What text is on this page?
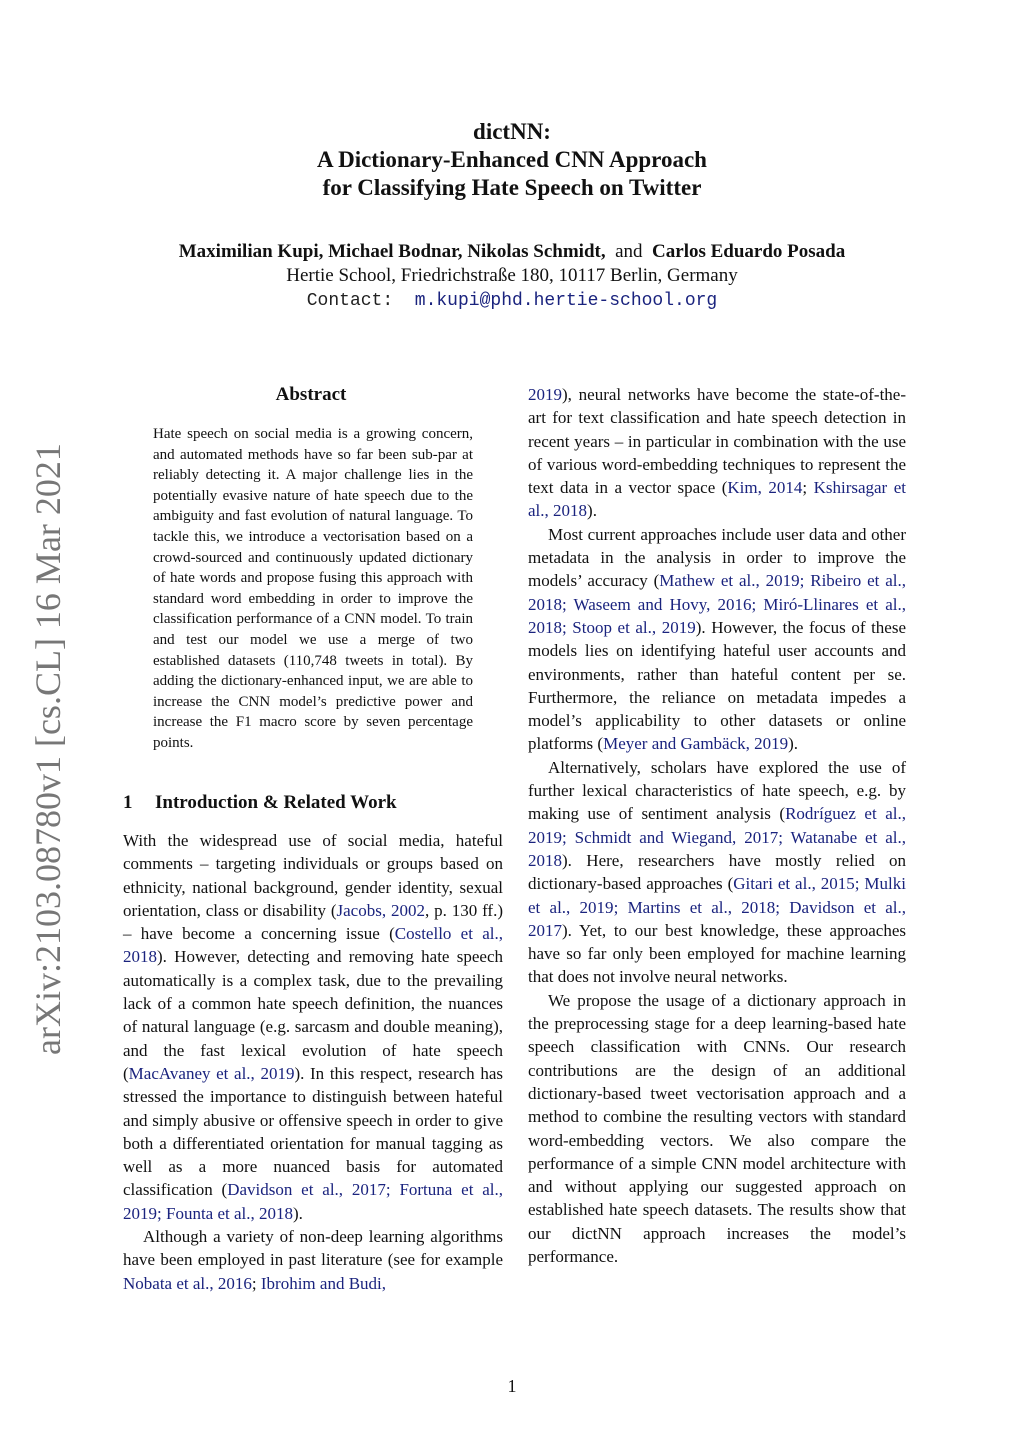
dictNN:
A Dictionary-Enhanced CNN Approach
for Classifying Hate Speech on Twitter
Maximilian Kupi, Michael Bodnar, Nikolas Schmidt, and Carlos Eduardo Posada
Hertie School, Friedrichstraße 180, 10117 Berlin, Germany
Contact: m.kupi@phd.hertie-school.org
arXiv:2103.08780v1 [cs.CL] 16 Mar 2021
Abstract
Hate speech on social media is a growing concern, and automated methods have so far been sub-par at reliably detecting it. A major challenge lies in the potentially evasive nature of hate speech due to the ambiguity and fast evolution of natural language. To tackle this, we introduce a vectorisation based on a crowd-sourced and continuously updated dictionary of hate words and propose fusing this approach with standard word embedding in order to improve the classification performance of a CNN model. To train and test our model we use a merge of two established datasets (110,748 tweets in total). By adding the dictionary-enhanced input, we are able to increase the CNN model’s predictive power and increase the F1 macro score by seven percentage points.
1 Introduction & Related Work

With the widespread use of social media, hateful comments – targeting individuals or groups based on ethnicity, national background, gender identity, sexual orientation, class or disability (Jacobs, 2002, p. 130 ff.) – have become a concerning issue (Costello et al., 2018). However, detecting and removing hate speech automatically is a complex task, due to the prevailing lack of a common hate speech definition, the nuances of natural language (e.g. sarcasm and double meaning), and the fast lexical evolution of hate speech (MacAvaney et al., 2019). In this respect, research has stressed the importance to distinguish between hateful and simply abusive or offensive speech in order to give both a differentiated orientation for manual tagging as well as a more nuanced basis for automated classification (Davidson et al., 2017; Fortuna et al., 2019; Founta et al., 2018).

Although a variety of non-deep learning algorithms have been employed in past literature (see for example Nobata et al., 2016; Ibrohim and Budi,

2019), neural networks have become the state-of-the-art for text classification and hate speech detection in recent years – in particular in combination with the use of various word-embedding techniques to represent the text data in a vector space (Kim, 2014; Kshirsagar et al., 2018).

Most current approaches include user data and other metadata in the analysis in order to improve the models’ accuracy (Mathew et al., 2019; Ribeiro et al., 2018; Waseem and Hovy, 2016; Miró-Llinares et al., 2018; Stoop et al., 2019). However, the focus of these models lies on identifying hateful user accounts and environments, rather than hateful content per se. Furthermore, the reliance on metadata impedes a model’s applicability to other datasets or online platforms (Meyer and Gambäck, 2019).

Alternatively, scholars have explored the use of further lexical characteristics of hate speech, e.g. by making use of sentiment analysis (Rodríguez et al., 2019; Schmidt and Wiegand, 2017; Watanabe et al., 2018). Here, researchers have mostly relied on dictionary-based approaches (Gitari et al., 2015; Mulki et al., 2019; Martins et al., 2018; Davidson et al., 2017). Yet, to our best knowledge, these approaches have so far only been employed for machine learning that does not involve neural networks.

We propose the usage of a dictionary approach in the preprocessing stage for a deep learning-based hate speech classification with CNNs. Our research contributions are the design of an additional dictionary-based tweet vectorisation approach and a method to combine the resulting vectors with standard word-embedding vectors. We also compare the performance of a simple CNN model architecture with and without applying our suggested approach on established hate speech datasets. The results show that our dictNN approach increases the model’s performance.

1
